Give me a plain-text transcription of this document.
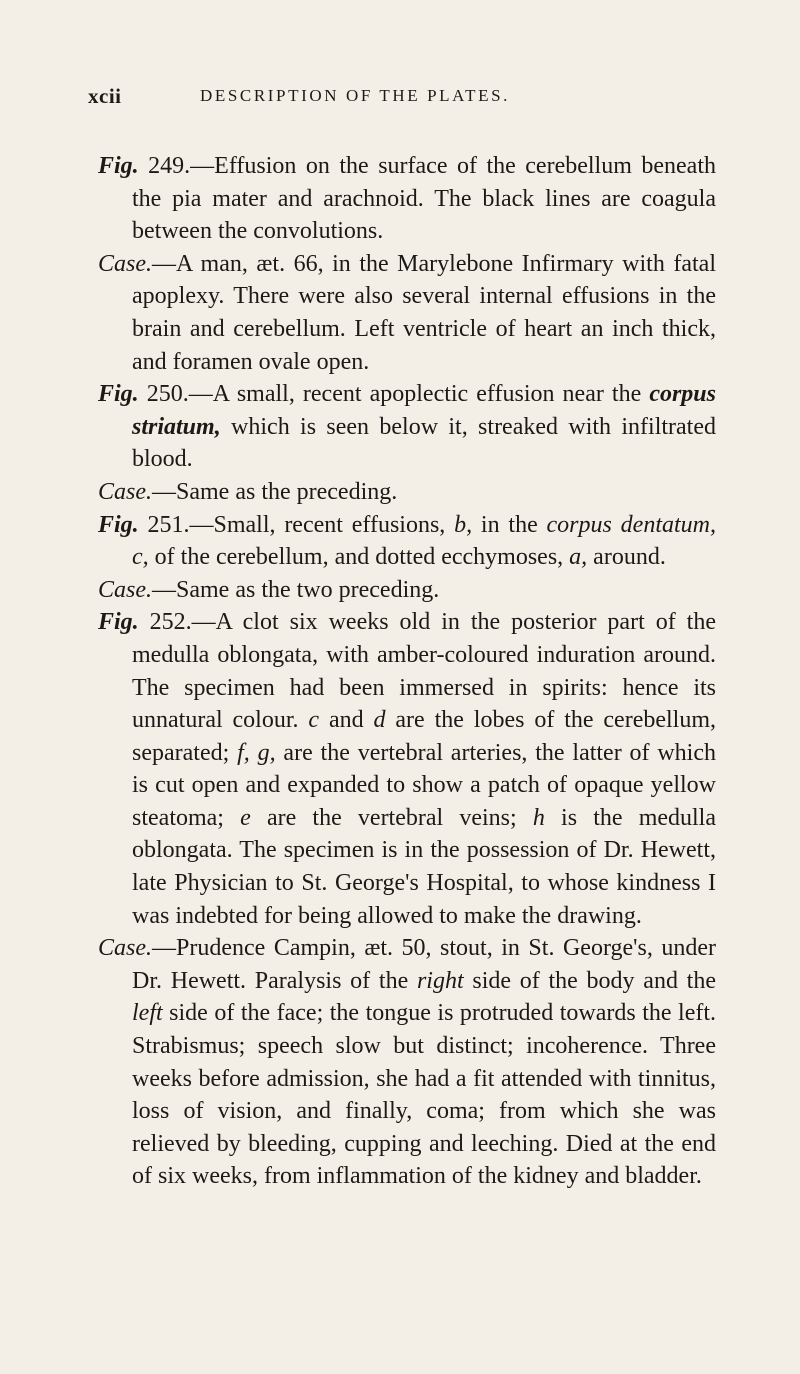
xcii	DESCRIPTION OF THE PLATES.

Fig. 249.—Effusion on the surface of the cerebellum beneath the pia mater and arachnoid. The black lines are coagula between the convolutions.

Case.—A man, æt. 66, in the Marylebone Infirmary with fatal apoplexy. There were also several internal effusions in the brain and cerebellum. Left ventricle of heart an inch thick, and foramen ovale open.

Fig. 250.—A small, recent apoplectic effusion near the corpus striatum, which is seen below it, streaked with infiltrated blood.

Case.—Same as the preceding.

Fig. 251.—Small, recent effusions, b, in the corpus dentatum, c, of the cerebellum, and dotted ecchymoses, a, around.

Case.—Same as the two preceding.

Fig. 252.—A clot six weeks old in the posterior part of the medulla oblongata, with amber-coloured induration around. The specimen had been immersed in spirits: hence its unnatural colour. c and d are the lobes of the cerebellum, separated; f, g, are the vertebral arteries, the latter of which is cut open and expanded to show a patch of opaque yellow steatoma; e are the vertebral veins; h is the medulla oblongata. The specimen is in the possession of Dr. Hewett, late Physician to St. George's Hospital, to whose kindness I was indebted for being allowed to make the drawing.

Case.—Prudence Campin, æt. 50, stout, in St. George's, under Dr. Hewett. Paralysis of the right side of the body and the left side of the face; the tongue is protruded towards the left. Strabismus; speech slow but distinct; incoherence. Three weeks before admission, she had a fit attended with tinnitus, loss of vision, and finally, coma; from which she was relieved by bleeding, cupping and leeching. Died at the end of six weeks, from inflammation of the kidney and bladder.
